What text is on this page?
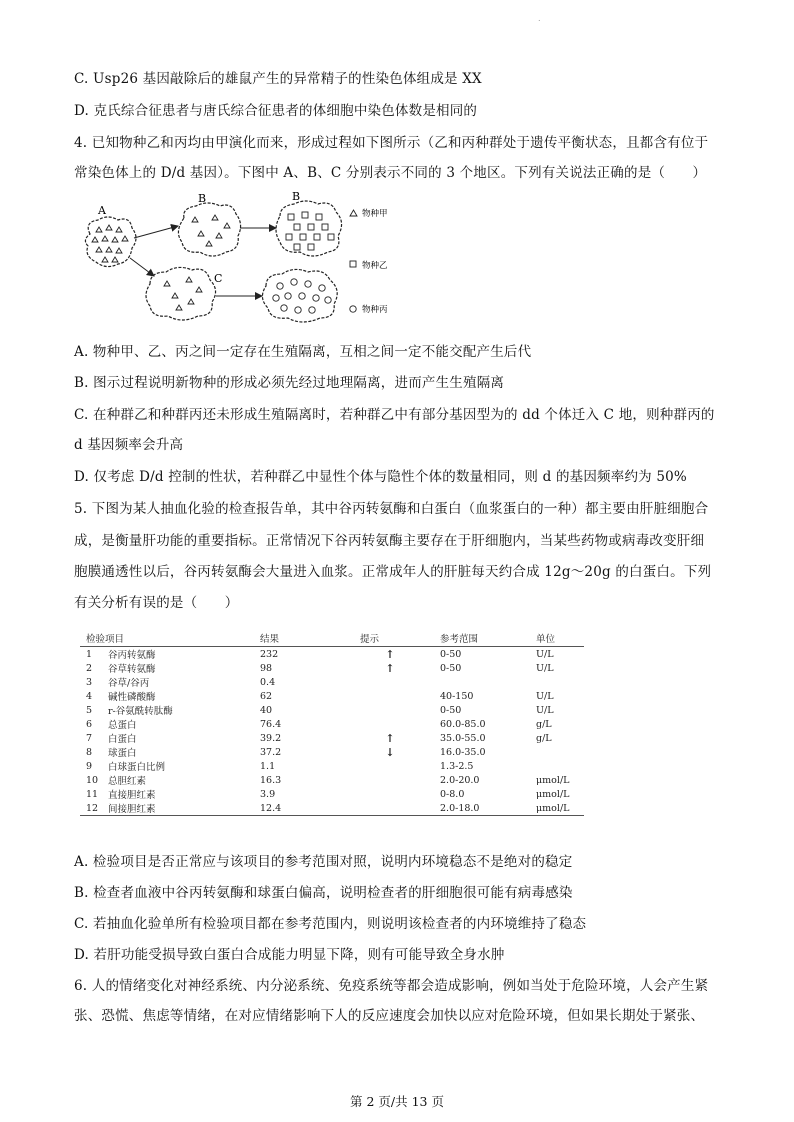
.
C. Usp26 基因敲除后的雄鼠产生的异常精子的性染色体组成是 XX
D. 克氏综合征患者与唐氏综合征患者的体细胞中染色体数是相同的
4. 已知物种乙和丙均由甲演化而来，形成过程如下图所示（乙和丙种群处于遗传平衡状态，且都含有位于
常染色体上的 D/d 基因）。下图中 A、B、C 分别表示不同的 3 个地区。下列有关说法正确的是（　　）
A
B	B
C
物种甲
物种乙
物种丙
A. 物种甲、乙、丙之间一定存在生殖隔离，互相之间一定不能交配产生后代
B. 图示过程说明新物种的形成必须先经过地理隔离，进而产生生殖隔离
C. 在种群乙和种群丙还未形成生殖隔离时，若种群乙中有部分基因型为的 dd 个体迁入 C 地，则种群丙的
d 基因频率会升高
D. 仅考虑 D/d 控制的性状，若种群乙中显性个体与隐性个体的数量相同，则 d 的基因频率约为 50%
5. 下图为某人抽血化验的检查报告单，其中谷丙转氨酶和白蛋白（血浆蛋白的一种）都主要由肝脏细胞合
成，是衡量肝功能的重要指标。正常情况下谷丙转氨酶主要存在于肝细胞内，当某些药物或病毒改变肝细
胞膜通透性以后，谷丙转氨酶会大量进入血浆。正常成年人的肝脏每天约合成 12g～20g 的白蛋白。下列
有关分析有误的是（　　）
检验项目		结果	提示	参考范围	单位
1	谷丙转氨酶	232	↑	0-50	U/L
2	谷草转氨酶	98	↑	0-50	U/L
3	谷草/谷丙	0.4			
4	碱性磷酸酶	62		40-150	U/L
5	r-谷氨酰转肽酶	40		0-50	U/L
6	总蛋白	76.4		60.0-85.0	g/L
7	白蛋白	39.2	↑	35.0-55.0	g/L
8	球蛋白	37.2	↓	16.0-35.0	
9	白球蛋白比例	1.1		1.3-2.5	
10	总胆红素	16.3		2.0-20.0	μmol/L
11	直接胆红素	3.9		0-8.0	μmol/L
12	间接胆红素	12.4		2.0-18.0	μmol/L
A. 检验项目是否正常应与该项目的参考范围对照，说明内环境稳态不是绝对的稳定
B. 检查者血液中谷丙转氨酶和球蛋白偏高，说明检查者的肝细胞很可能有病毒感染
C. 若抽血化验单所有检验项目都在参考范围内，则说明该检查者的内环境维持了稳态
D. 若肝功能受损导致白蛋白合成能力明显下降，则有可能导致全身水肿
6. 人的情绪变化对神经系统、内分泌系统、免疫系统等都会造成影响，例如当处于危险环境，人会产生紧
张、恐慌、焦虑等情绪，在对应情绪影响下人的反应速度会加快以应对危险环境，但如果长期处于紧张、
第 2 页/共 13 页
